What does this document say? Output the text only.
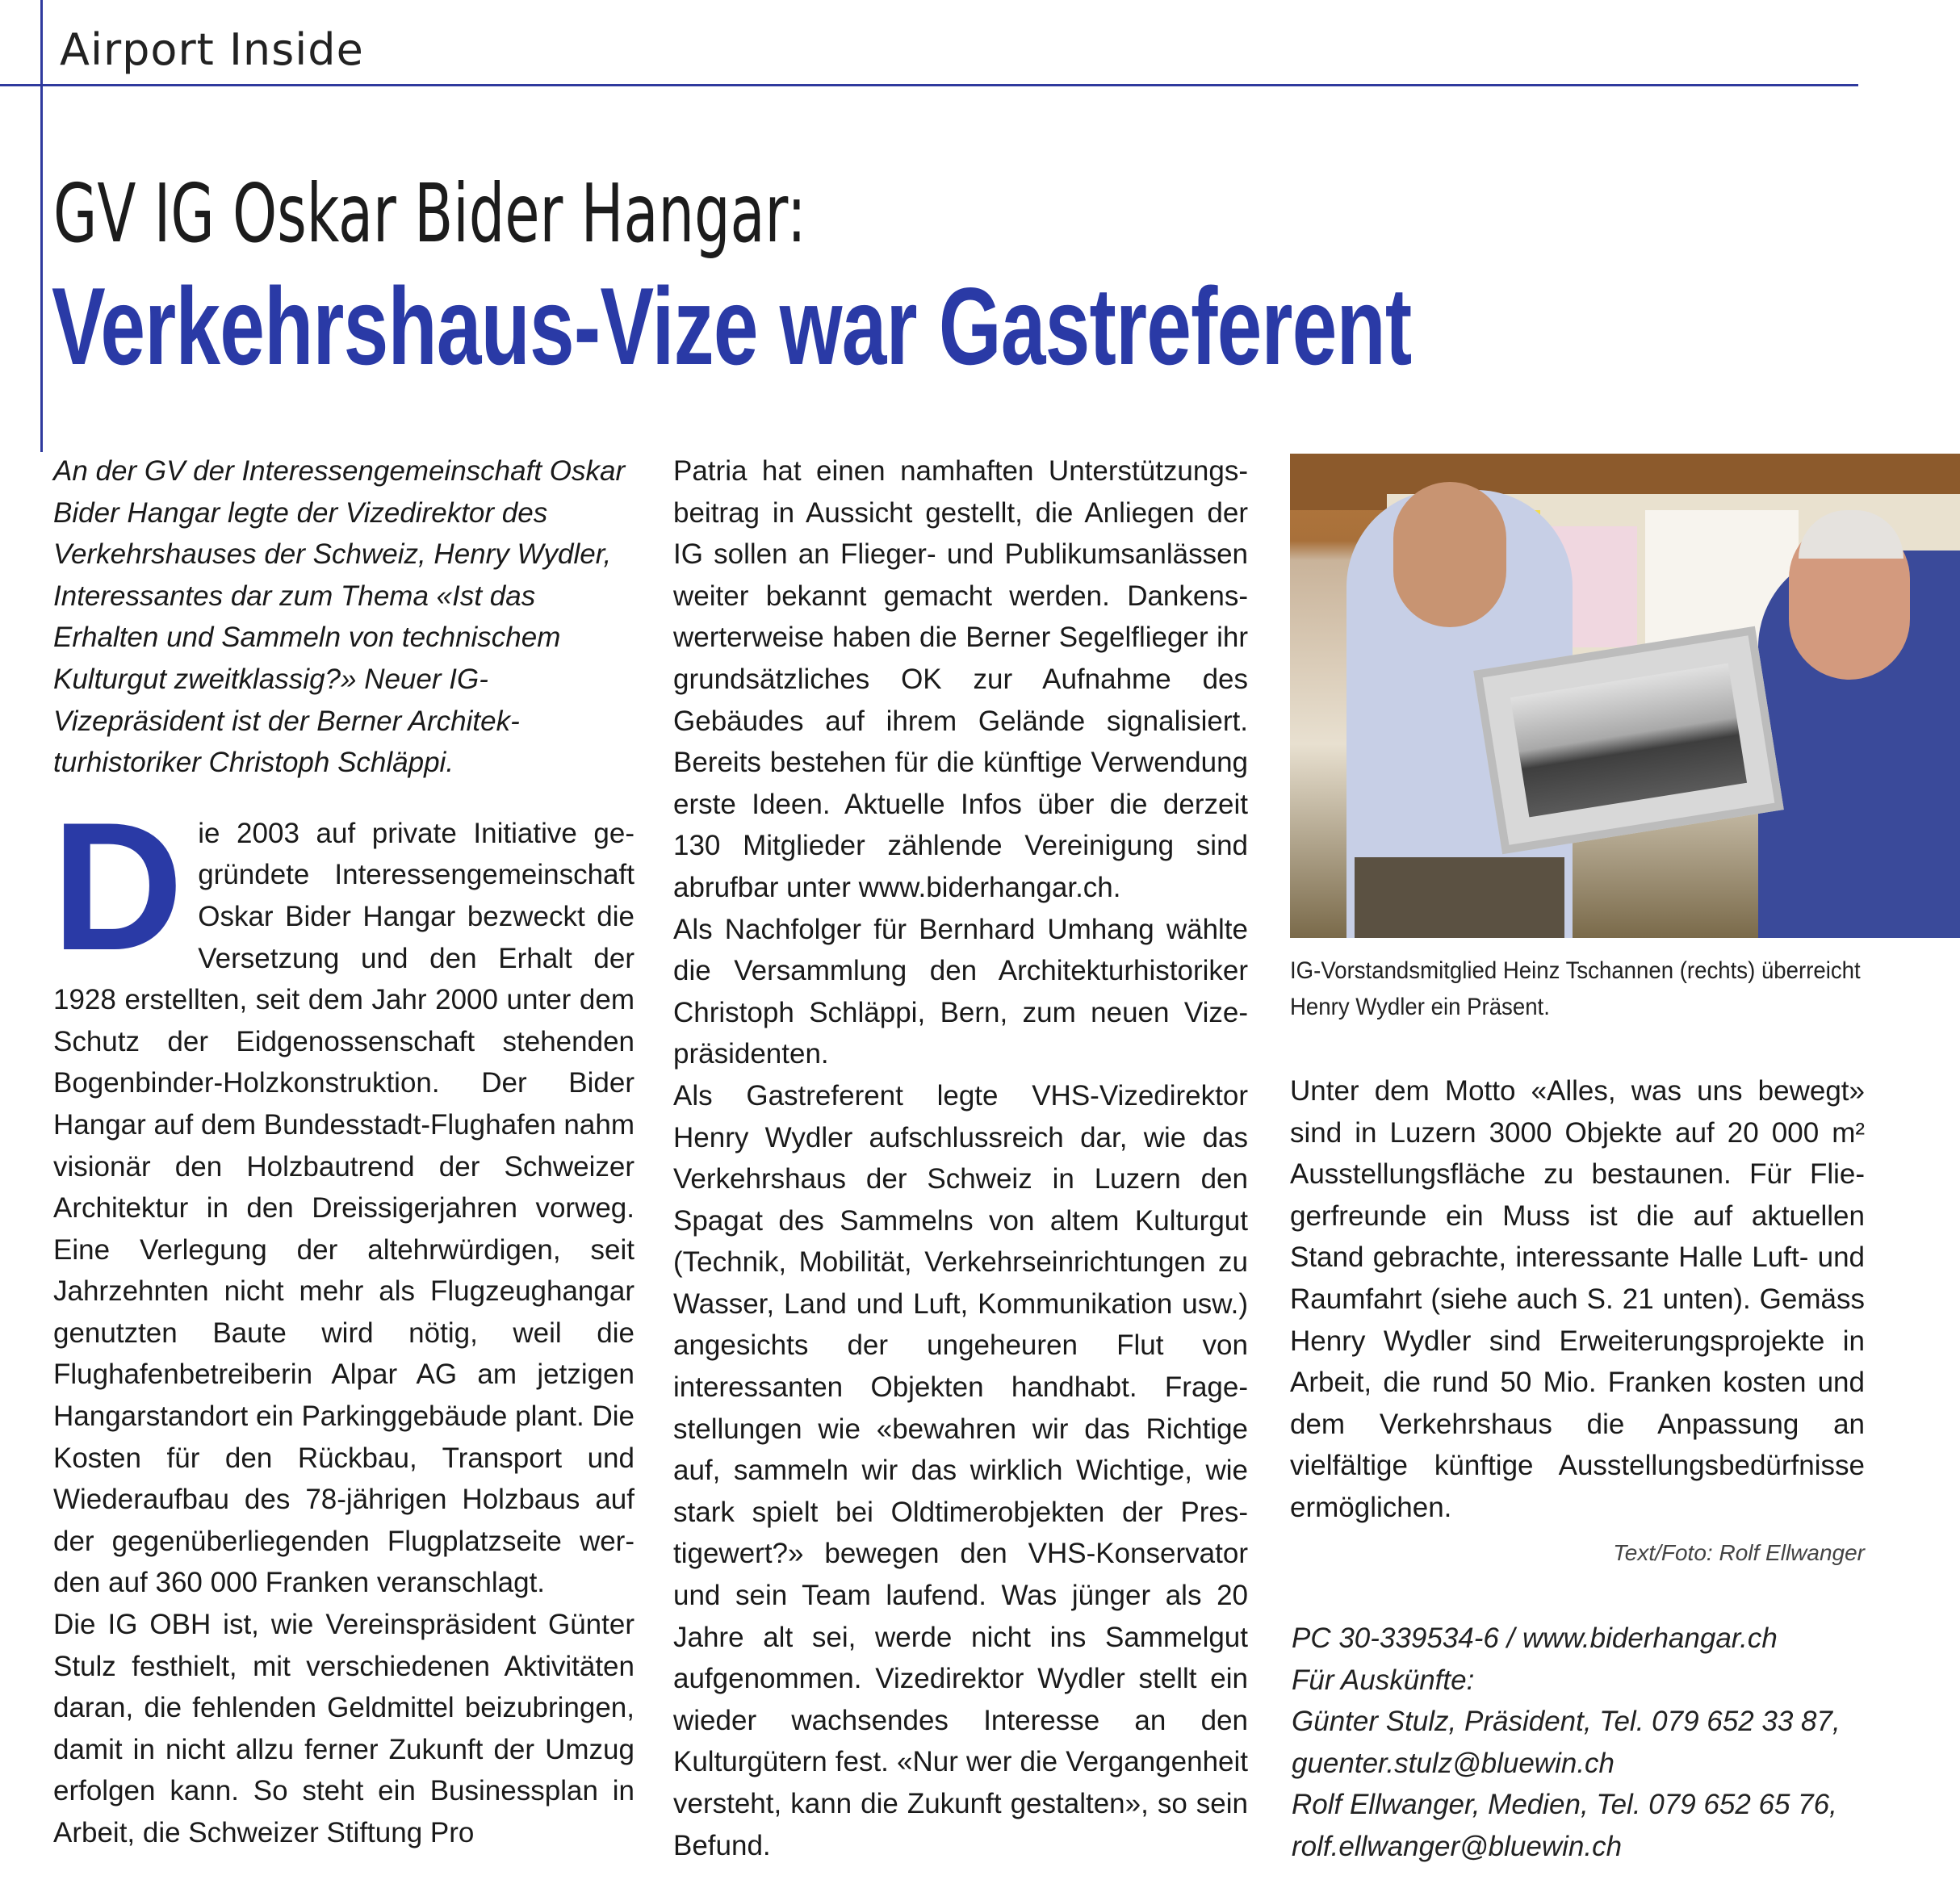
Airport Inside
GV IG Oskar Bider Hangar:
Verkehrshaus-Vize war Gastreferent

An der GV der Interessengemeinschaft Oskar Bider Hangar legte der Vizedirektor des Verkehrshauses der Schweiz, Henry Wydler, Interessantes dar zum Thema «Ist das Erhalten und Sammeln von technischem Kulturgut zweitklassig?» Neuer IG-Vizepräsident ist der Berner Architekturhistoriker Christoph Schläppi.

Die 2003 auf private Initiative gegründete Interessengemeinschaft Oskar Bider Hangar bezweckt die Versetzung und den Erhalt der 1928 erstellten, seit dem Jahr 2000 unter dem Schutz der Eidgenossenschaft stehenden Bogenbinder-Holzkonstruktion. Der Bider Hangar auf dem Bundesstadt-Flughafen nahm visionär den Holzbautrend der Schweizer Architektur in den Dreissigerjahren vorweg. Eine Verlegung der altehrwürdigen, seit Jahrzehnten nicht mehr als Flugzeughangar genutzten Baute wird nötig, weil die Flughafenbetreiberin Alpar AG am jetzigen Hangarstandort ein Parkinggebäude plant. Die Kosten für den Rückbau, Transport und Wiederaufbau des 78-jährigen Holzbaus auf der gegenüberliegenden Flugplatzseite werden auf 360 000 Franken veranschlagt.

Die IG OBH ist, wie Vereinspräsident Günter Stulz festhielt, mit verschiedenen Aktivitäten daran, die fehlenden Geldmittel beizubringen, damit in nicht allzu ferner Zukunft der Umzug erfolgen kann. So steht ein Businessplan in Arbeit, die Schweizer Stiftung Pro

Patria hat einen namhaften Unterstützungsbeitrag in Aussicht gestellt, die Anliegen der IG sollen an Flieger- und Publikumsanlässen weiter bekannt gemacht werden. Dankenswerterweise haben die Berner Segelflieger ihr grundsätzliches OK zur Aufnahme des Gebäudes auf ihrem Gelände signalisiert. Bereits bestehen für die künftige Verwendung erste Ideen. Aktuelle Infos über die derzeit 130 Mitglieder zählende Vereinigung sind abrufbar unter www.biderhangar.ch.

Als Nachfolger für Bernhard Umhang wählte die Versammlung den Architekturhistoriker Christoph Schläppi, Bern, zum neuen Vizepräsidenten.

Als Gastreferent legte VHS-Vizedirektor Henry Wydler aufschlussreich dar, wie das Verkehrshaus der Schweiz in Luzern den Spagat des Sammelns von altem Kulturgut (Technik, Mobilität, Verkehrseinrichtungen zu Wasser, Land und Luft, Kommunikation usw.) angesichts der ungeheuren Flut von interessanten Objekten handhabt. Fragestellungen wie «bewahren wir das Richtige auf, sammeln wir das wirklich Wichtige, wie stark spielt bei Oldtimerobjekten der Prestigewert?» bewegen den VHS-Konservator und sein Team laufend. Was jünger als 20 Jahre alt sei, werde nicht ins Sammelgut aufgenommen. Vizedirektor Wydler stellt ein wieder wachsendes Interesse an den Kulturgütern fest. «Nur wer die Vergangenheit versteht, kann die Zukunft gestalten», so sein Befund.

IG-Vorstandsmitglied Heinz Tschannen (rechts) überreicht Henry Wydler ein Präsent.

Unter dem Motto «Alles, was uns bewegt» sind in Luzern 3000 Objekte auf 20 000 m² Ausstellungsfläche zu bestaunen. Für Fliegerfreunde ein Muss ist die auf aktuellen Stand gebrachte, interessante Halle Luft- und Raumfahrt (siehe auch S. 21 unten). Gemäss Henry Wydler sind Erweiterungsprojekte in Arbeit, die rund 50 Mio. Franken kosten und dem Verkehrshaus die Anpassung an vielfältige künftige Ausstellungsbedürfnisse ermöglichen.

Text/Foto: Rolf Ellwanger
PC 30-339534-6 / www.biderhangar.ch
Für Auskünfte:
Günter Stulz, Präsident, Tel. 079 652 33 87,
guenter.stulz@bluewin.ch
Rolf Ellwanger, Medien, Tel. 079 652 65 76,
rolf.ellwanger@bluewin.ch
